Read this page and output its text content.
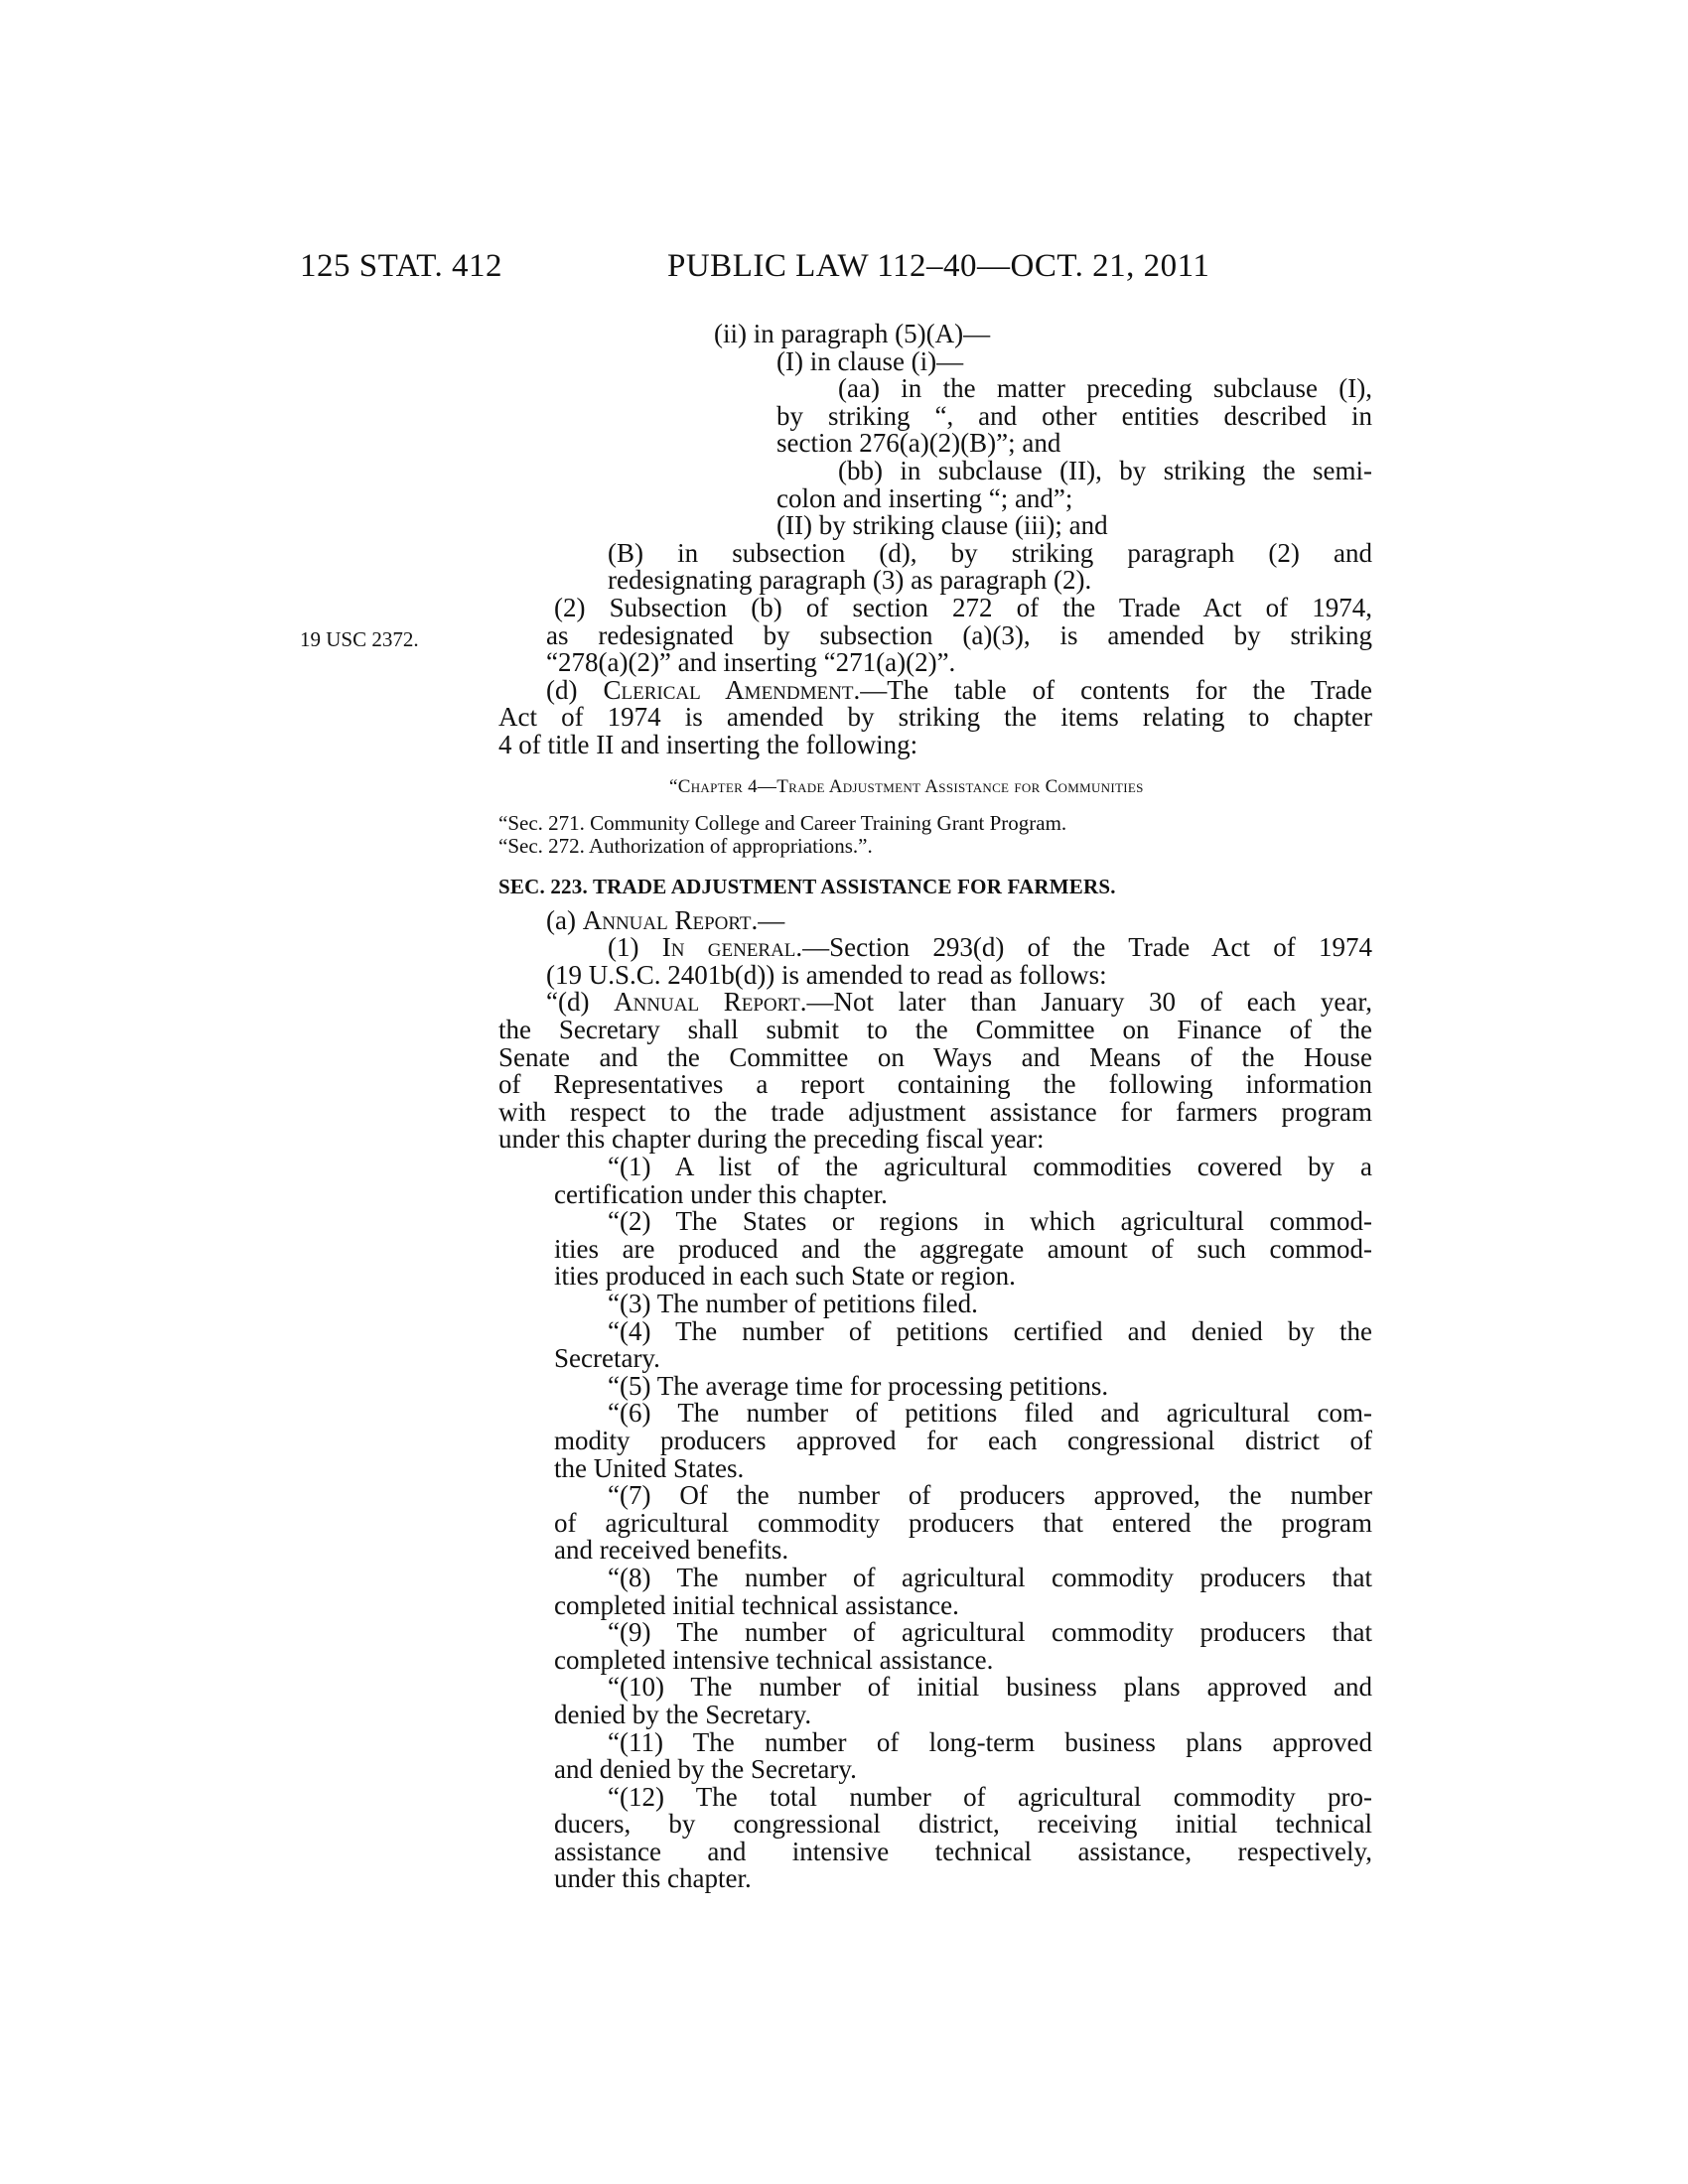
125 STAT. 412	PUBLIC LAW 112–40—OCT. 21, 2011
19 USC 2372.
(ii) in paragraph (5)(A)—
(I) in clause (i)—
(aa) in the matter preceding subclause (I),
by striking “, and other entities described in
section 276(a)(2)(B)”; and
(bb) in subclause (II), by striking the semi-
colon and inserting “; and”;
(II) by striking clause (iii); and
(B) in subsection (d), by striking paragraph (2) and
redesignating paragraph (3) as paragraph (2).
(2) Subsection (b) of section 272 of the Trade Act of 1974,
as redesignated by subsection (a)(3), is amended by striking
“278(a)(2)” and inserting “271(a)(2)”.
(d) Clerical Amendment.—The table of contents for the Trade
Act of 1974 is amended by striking the items relating to chapter
4 of title II and inserting the following:
“Chapter 4—Trade Adjustment Assistance for Communities
“Sec. 271. Community College and Career Training Grant Program.
“Sec. 272. Authorization of appropriations.”.
SEC. 223. TRADE ADJUSTMENT ASSISTANCE FOR FARMERS.
(a) Annual Report.—
(1) In general.—Section 293(d) of the Trade Act of 1974
(19 U.S.C. 2401b(d)) is amended to read as follows:
“(d) Annual Report.—Not later than January 30 of each year,
the Secretary shall submit to the Committee on Finance of the
Senate and the Committee on Ways and Means of the House
of Representatives a report containing the following information
with respect to the trade adjustment assistance for farmers program
under this chapter during the preceding fiscal year:
“(1) A list of the agricultural commodities covered by a
certification under this chapter.
“(2) The States or regions in which agricultural commod-
ities are produced and the aggregate amount of such commod-
ities produced in each such State or region.
“(3) The number of petitions filed.
“(4) The number of petitions certified and denied by the
Secretary.
“(5) The average time for processing petitions.
“(6) The number of petitions filed and agricultural com-
modity producers approved for each congressional district of
the United States.
“(7) Of the number of producers approved, the number
of agricultural commodity producers that entered the program
and received benefits.
“(8) The number of agricultural commodity producers that
completed initial technical assistance.
“(9) The number of agricultural commodity producers that
completed intensive technical assistance.
“(10) The number of initial business plans approved and
denied by the Secretary.
“(11) The number of long-term business plans approved
and denied by the Secretary.
“(12) The total number of agricultural commodity pro-
ducers, by congressional district, receiving initial technical
assistance and intensive technical assistance, respectively,
under this chapter.
